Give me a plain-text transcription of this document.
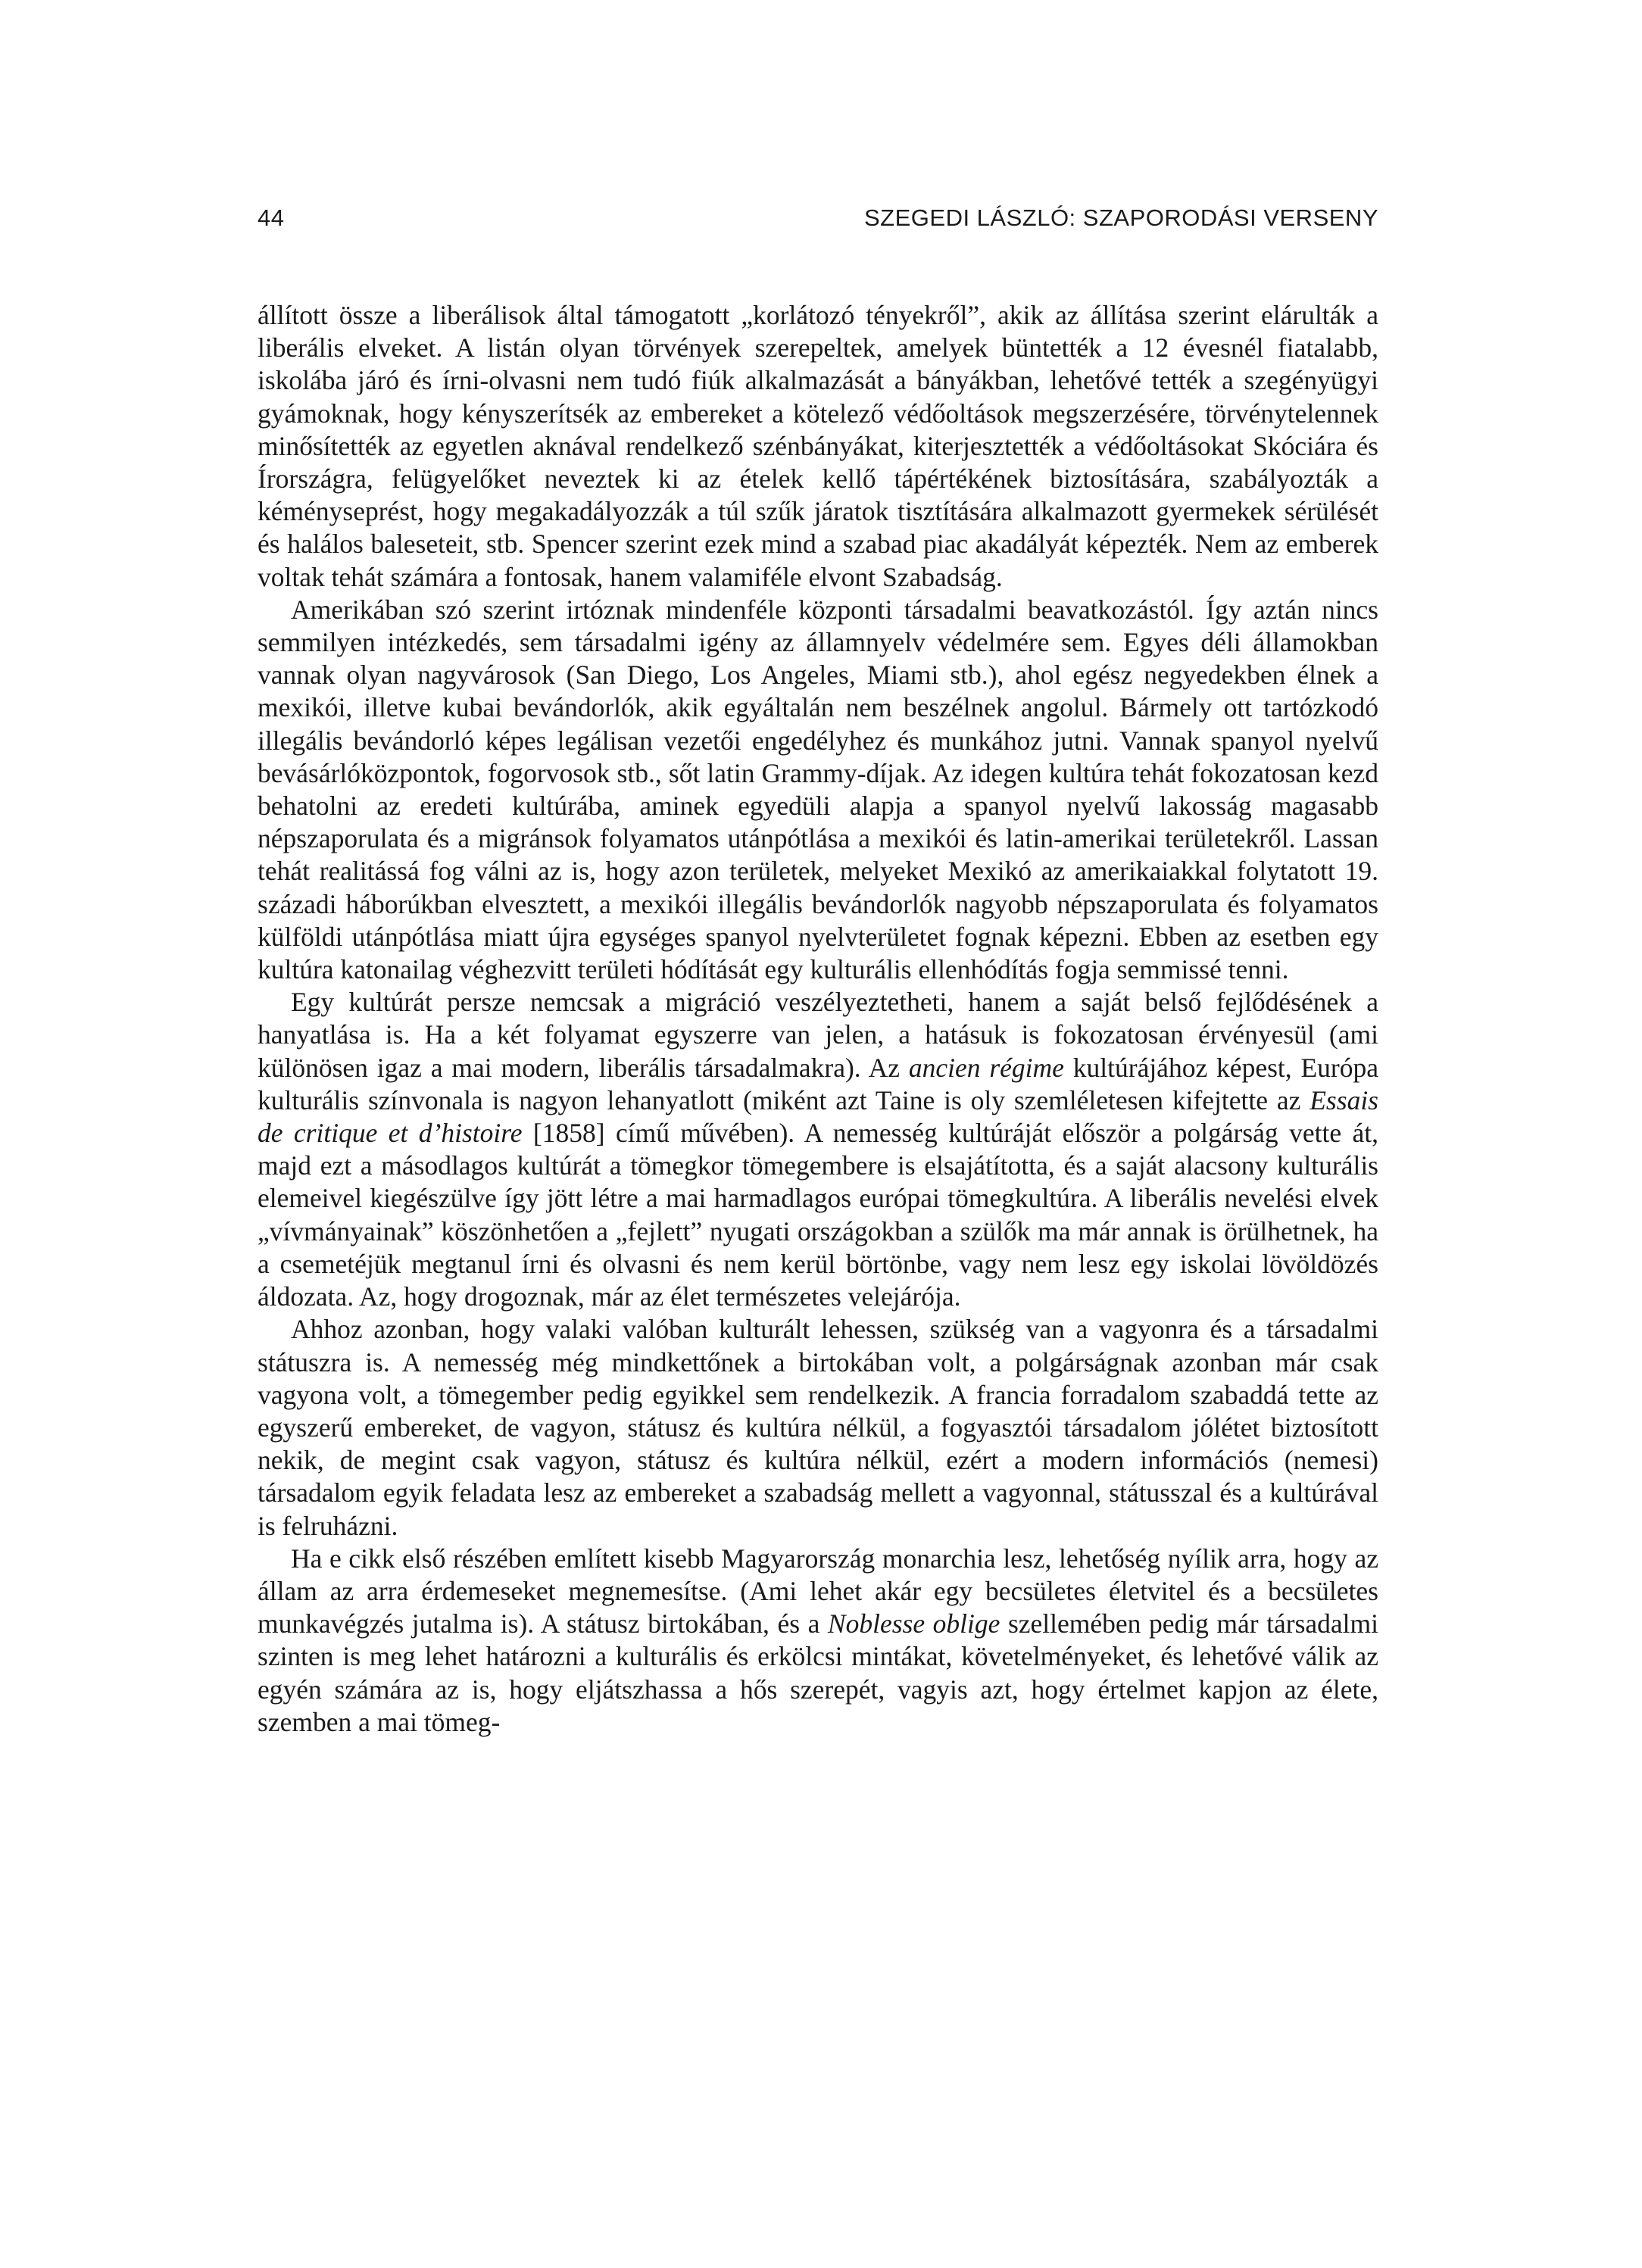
44	SZEGEDI LÁSZLÓ: SZAPORODÁSI VERSENY

állított össze a liberálisok által támogatott „korlátozó tényekről”, akik az állítása szerint elárulták a liberális elveket. A listán olyan törvények szerepeltek, amelyek büntették a 12 évesnél fiatalabb, iskolába járó és írni-olvasni nem tudó fiúk alkalmazását a bányákban, lehetővé tették a szegényügyi gyámoknak, hogy kényszerítsék az embereket a kötelező védőoltások megszerzésére, törvénytelennek minősítették az egyetlen aknával rendelkező szénbányákat, kiterjesztették a védőoltásokat Skóciára és Írországra, felügyelőket neveztek ki az ételek kellő tápértékének biztosítására, szabályozták a kéményseprést, hogy megakadályozzák a túl szűk járatok tisztítására alkalmazott gyermekek sérülését és halálos baleseteit, stb. Spencer szerint ezek mind a szabad piac akadályát képezték. Nem az emberek voltak tehát számára a fontosak, hanem valamiféle elvont Szabadság.

Amerikában szó szerint irtóznak mindenféle központi társadalmi beavatkozástól. Így aztán nincs semmilyen intézkedés, sem társadalmi igény az államnyelv védelmére sem. Egyes déli államokban vannak olyan nagyvárosok (San Diego, Los Angeles, Miami stb.), ahol egész negyedekben élnek a mexikói, illetve kubai bevándorlók, akik egyáltalán nem beszélnek angolul. Bármely ott tartózkodó illegális bevándorló képes legálisan vezetői engedélyhez és munkához jutni. Vannak spanyol nyelvű bevásárlóközpontok, fogorvosok stb., sőt latin Grammy-díjak. Az idegen kultúra tehát fokozatosan kezd behatolni az eredeti kultúrába, aminek egyedüli alapja a spanyol nyelvű lakosság magasabb népszaporulata és a migránsok folyamatos utánpótlása a mexikói és latin-amerikai területekről. Lassan tehát realitássá fog válni az is, hogy azon területek, melyeket Mexikó az amerikaiakkal folytatott 19. századi háborúkban elvesztett, a mexikói illegális bevándorlók nagyobb népszaporulata és folyamatos külföldi utánpótlása miatt újra egységes spanyol nyelvterületet fognak képezni. Ebben az esetben egy kultúra katonailag véghezvitt területi hódítását egy kulturális ellenhódítás fogja semmissé tenni.

Egy kultúrát persze nemcsak a migráció veszélyeztetheti, hanem a saját belső fejlődésének a hanyatlása is. Ha a két folyamat egyszerre van jelen, a hatásuk is fokozatosan érvényesül (ami különösen igaz a mai modern, liberális társadalmakra). Az ancien régime kultúrájához képest, Európa kulturális színvonala is nagyon lehanyatlott (miként azt Taine is oly szemléletesen kifejtette az Essais de critique et d’histoire [1858] című művében). A nemesség kultúráját először a polgárság vette át, majd ezt a másodlagos kultúrát a tömegkor tömegembere is elsajátította, és a saját alacsony kulturális elemeivel kiegészülve így jött létre a mai harmadlagos európai tömegkultúra. A liberális nevelési elvek „vívmányainak” köszönhetően a „fejlett” nyugati országokban a szülők ma már annak is örülhetnek, ha a csemetéjük megtanul írni és olvasni és nem kerül börtönbe, vagy nem lesz egy iskolai lövöldözés áldozata. Az, hogy drogoznak, már az élet természetes velejárója.

Ahhoz azonban, hogy valaki valóban kulturált lehessen, szükség van a vagyonra és a társadalmi státuszra is. A nemesség még mindkettőnek a birtokában volt, a polgárságnak azonban már csak vagyona volt, a tömegember pedig egyikkel sem rendelkezik. A francia forradalom szabaddá tette az egyszerű embereket, de vagyon, státusz és kultúra nélkül, a fogyasztói társadalom jólétet biztosított nekik, de megint csak vagyon, státusz és kultúra nélkül, ezért a modern információs (nemesi) társadalom egyik feladata lesz az embereket a szabadság mellett a vagyonnal, státusszal és a kultúrával is felruházni.

Ha e cikk első részében említett kisebb Magyarország monarchia lesz, lehetőség nyílik arra, hogy az állam az arra érdemeseket megnemesítse. (Ami lehet akár egy becsületes életvitel és a becsületes munkavégzés jutalma is). A státusz birtokában, és a Noblesse oblige szellemében pedig már társadalmi szinten is meg lehet határozni a kulturális és erkölcsi mintákat, követelményeket, és lehetővé válik az egyén számára az is, hogy eljátszhassa a hős szerepét, vagyis azt, hogy értelmet kapjon az élete, szemben a mai tömeg-
